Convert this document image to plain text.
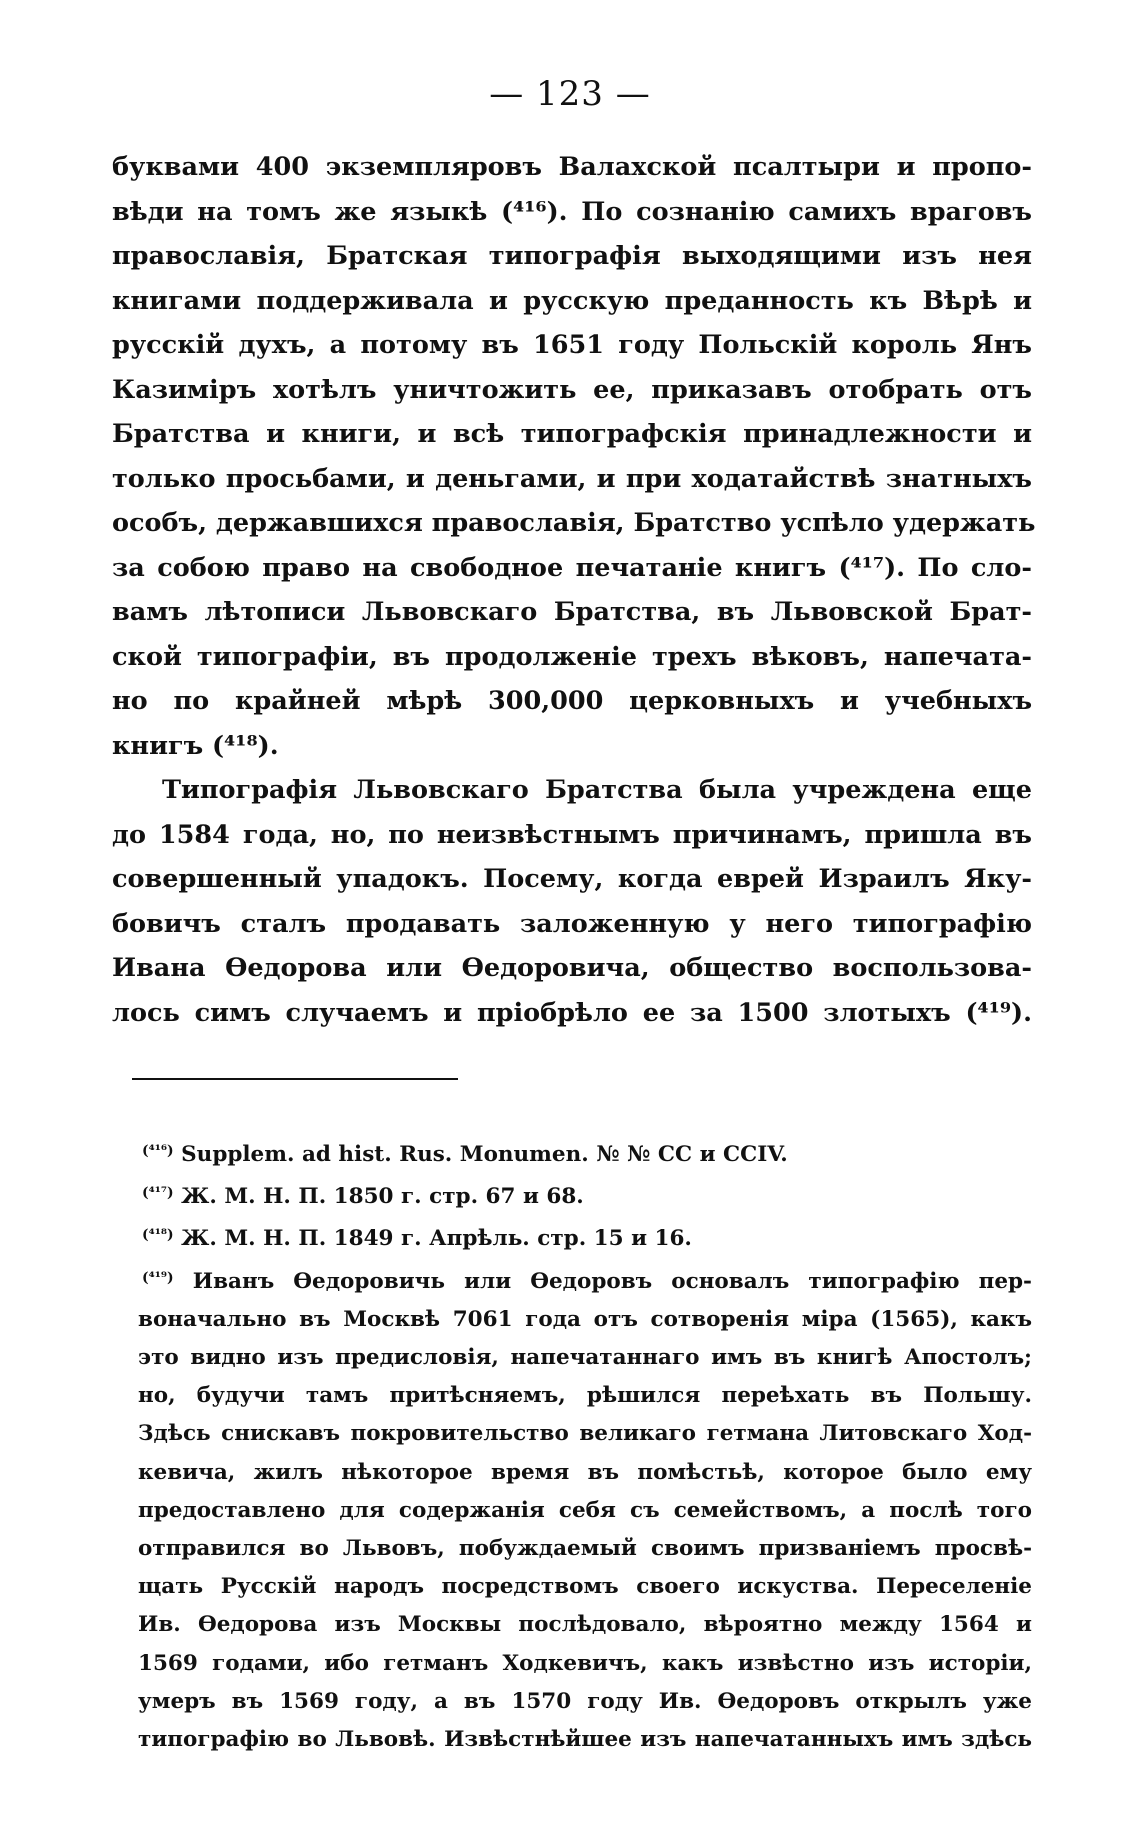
— 123 —
буквами 400 экземпляровъ Валахской псалтыри и пропо-
вѣди на томъ же языкѣ (⁴¹⁶). По сознанію самихъ враговъ
православія, Братская типографія выходящими изъ нея
книгами поддерживала и русскую преданность къ Вѣрѣ и
русскій духъ, а потому въ 1651 году Польскій король Янъ
Казиміръ хотѣлъ уничтожить ее, приказавъ отобрать отъ
Братства и книги, и всѣ типографскія принадлежности и
только просьбами, и деньгами, и при ходатайствѣ знатныхъ
особъ, державшихся православія, Братство успѣло удержать
за собою право на свободное печатаніе книгъ (⁴¹⁷). По сло-
вамъ лѣтописи Львовскаго Братства, въ Львовской Брат-
ской типографіи, въ продолженіе трехъ вѣковъ, напечата-
но по крайней мѣрѣ 300,000 церковныхъ и учебныхъ
книгъ (⁴¹⁸).
Типографія Львовскаго Братства была учреждена еще
до 1584 года, но, по неизвѣстнымъ причинамъ, пришла въ
совершенный упадокъ. Посему, когда еврей Израилъ Яку-
бовичъ сталъ продавать заложенную у него типографію
Ивана Ѳедорова или Ѳедоровича, общество воспользова-
лось симъ случаемъ и пріобрѣло ее за 1500 злотыхъ (⁴¹⁹).
$^{(^{416})}$ Supplem. ad hist. Rus. Monumen. № № CC и CCIV.
$^{(^{417})}$ Ж. М. Н. П. 1850 г. стр. 67 и 68.
$^{(^{418})}$ Ж. М. Н. П. 1849 г. Апрѣль. стр. 15 и 16.
$^{(^{419})}$ Иванъ Ѳедоровичь или Ѳедоровъ основалъ типографію пер-
воначально въ Москвѣ 7061 года отъ сотворенія міра (1565), какъ
это видно изъ предисловія, напечатаннаго имъ въ книгѣ Апостолъ;
но, будучи тамъ притѣсняемъ, рѣшился переѣхать въ Польшу.
Здѣсь снискавъ покровительство великаго гетмана Литовскаго Ход-
кевича, жилъ нѣкоторое время въ помѣстьѣ, которое было ему
предоставлено для содержанія себя съ семействомъ, а послѣ того
отправился во Львовъ, побуждаемый своимъ призваніемъ просвѣ-
щать Русскій народъ посредствомъ своего искуства. Переселеніе
Ив. Ѳедорова изъ Москвы послѣдовало, вѣроятно между 1564 и
1569 годами, ибо гетманъ Ходкевичъ, какъ извѣстно изъ исторіи,
умеръ въ 1569 году, а въ 1570 году Ив. Ѳедоровъ открылъ уже
типографію во Львовѣ. Извѣстнѣйшее изъ напечатанныхъ имъ здѣсь
